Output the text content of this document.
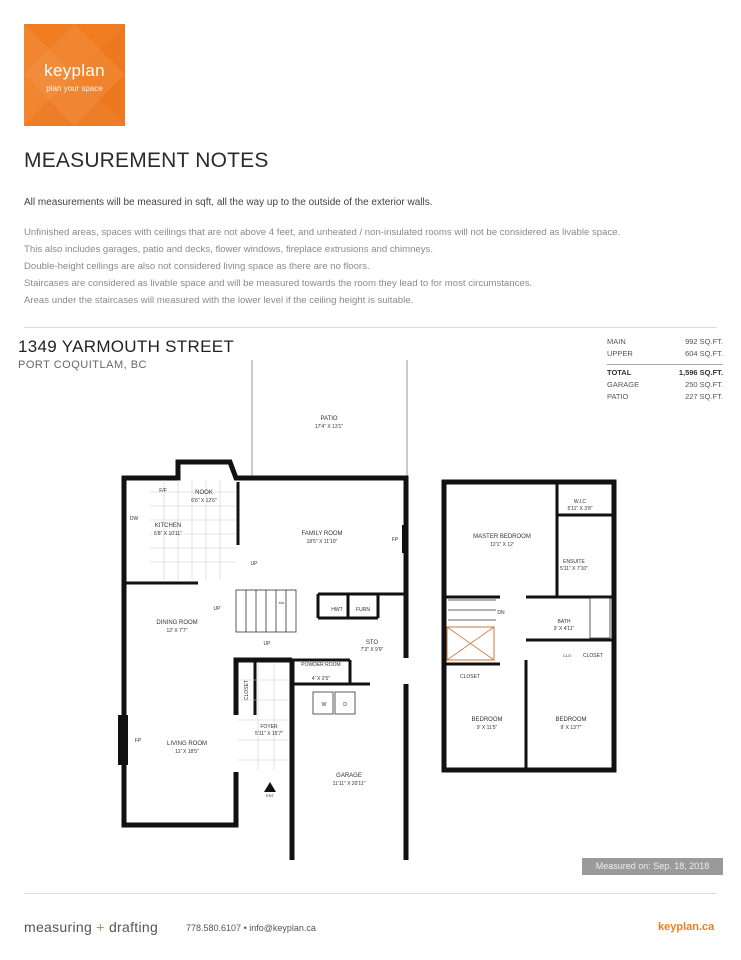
keyplan
plan your space
MEASUREMENT NOTES
All measurements will be measured in sqft, all the way up to the outside of the exterior walls.
Unfinished areas, spaces with ceilings that are not above 4 feet, and unheated / non-insulated rooms will not be considered as livable space.
This also includes garages, patio and decks, flower windows, fireplace extrusions and chimneys.
Double-height ceilings are also not considered living space as there are no floors.
Staircases are considered as livable space and will be measured towards the room they lead to for most circumstances.
Areas under the staircases will measured with the lower level if the ceiling height is suitable.
1349 YARMOUTH STREET
PORT COQUITLAM, BC
MAIN	992 SQ.FT.
UPPER	604 SQ.FT.
TOTAL	1,596 SQ.FT.
GARAGE	250 SQ.FT.
PATIO	227 SQ.FT.
PATIO
17'4" X 13'1"
NOOK
6'6" X 12'6"
KITCHEN
5'8" X 10'11"	FAMILY ROOM
18'5" X 11'10"
DINING ROOM
12' X 7'7"
LIVING ROOM
12' X 18'5"
STO
7'3" X 9'9"
POWDER ROOM
4' X 2'5"
FOYER
5'11" X 15'7"
GARAGE
11'11" X 20'11"
MASTER BEDROOM
12'1" X 12'
W.I.C
5'11" X 3'8"
ENSUITE
5'11" X 7'10"
BATH
9' X 4'11"
BEDROOM
9' X 11'5"
BEDROOM
9' X 13'7"
HWT	FURN
FP
FP
UP
UP
UP
sto.
DN
F/F
DW
W	D
CLOSET
CLOSET
CLO
ENT
CLOSET
Measured on: Sep. 18, 2018
measuring + drafting	778.580.6107 • info@keyplan.ca	keyplan.ca
